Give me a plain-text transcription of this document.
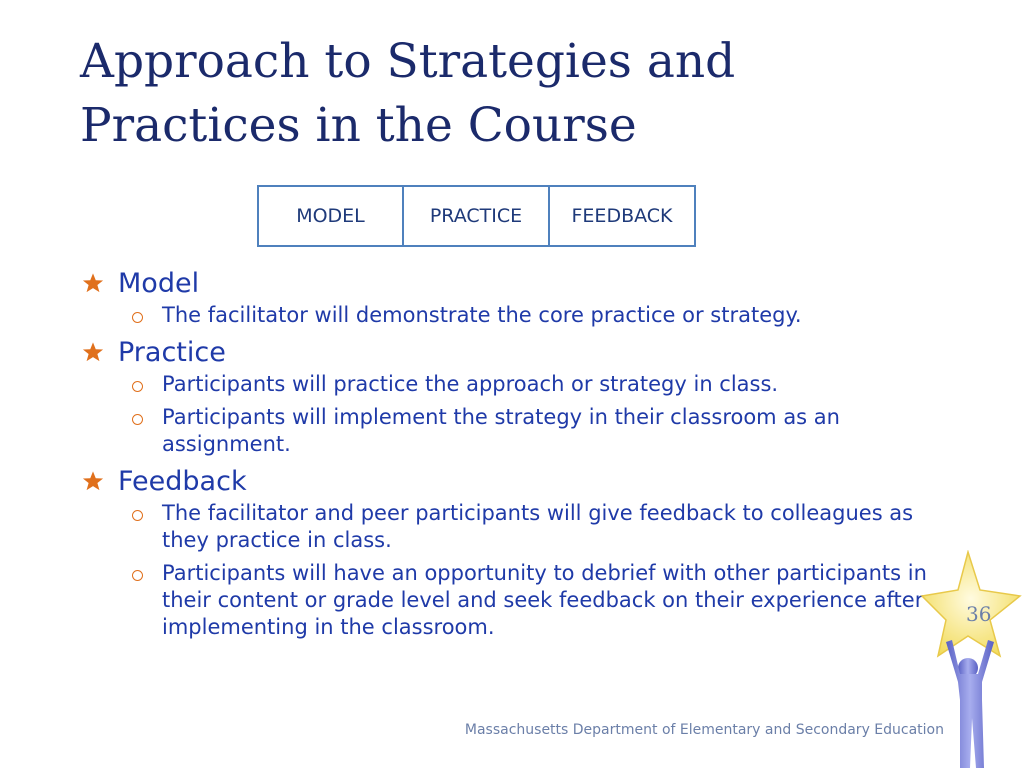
Approach to Strategies and Practices in the Course
MODEL	PRACTICE	FEEDBACK
Model
The facilitator will demonstrate the core practice or strategy.
Practice
Participants will practice the approach or strategy in class.
Participants will implement the strategy in their classroom as an assignment.
Feedback
The facilitator and peer participants will give feedback to colleagues as they practice in class.
Participants will have an opportunity to debrief with other participants in their content or grade level and seek feedback on their experience after implementing in the classroom.
Massachusetts Department of Elementary and Secondary Education
36
